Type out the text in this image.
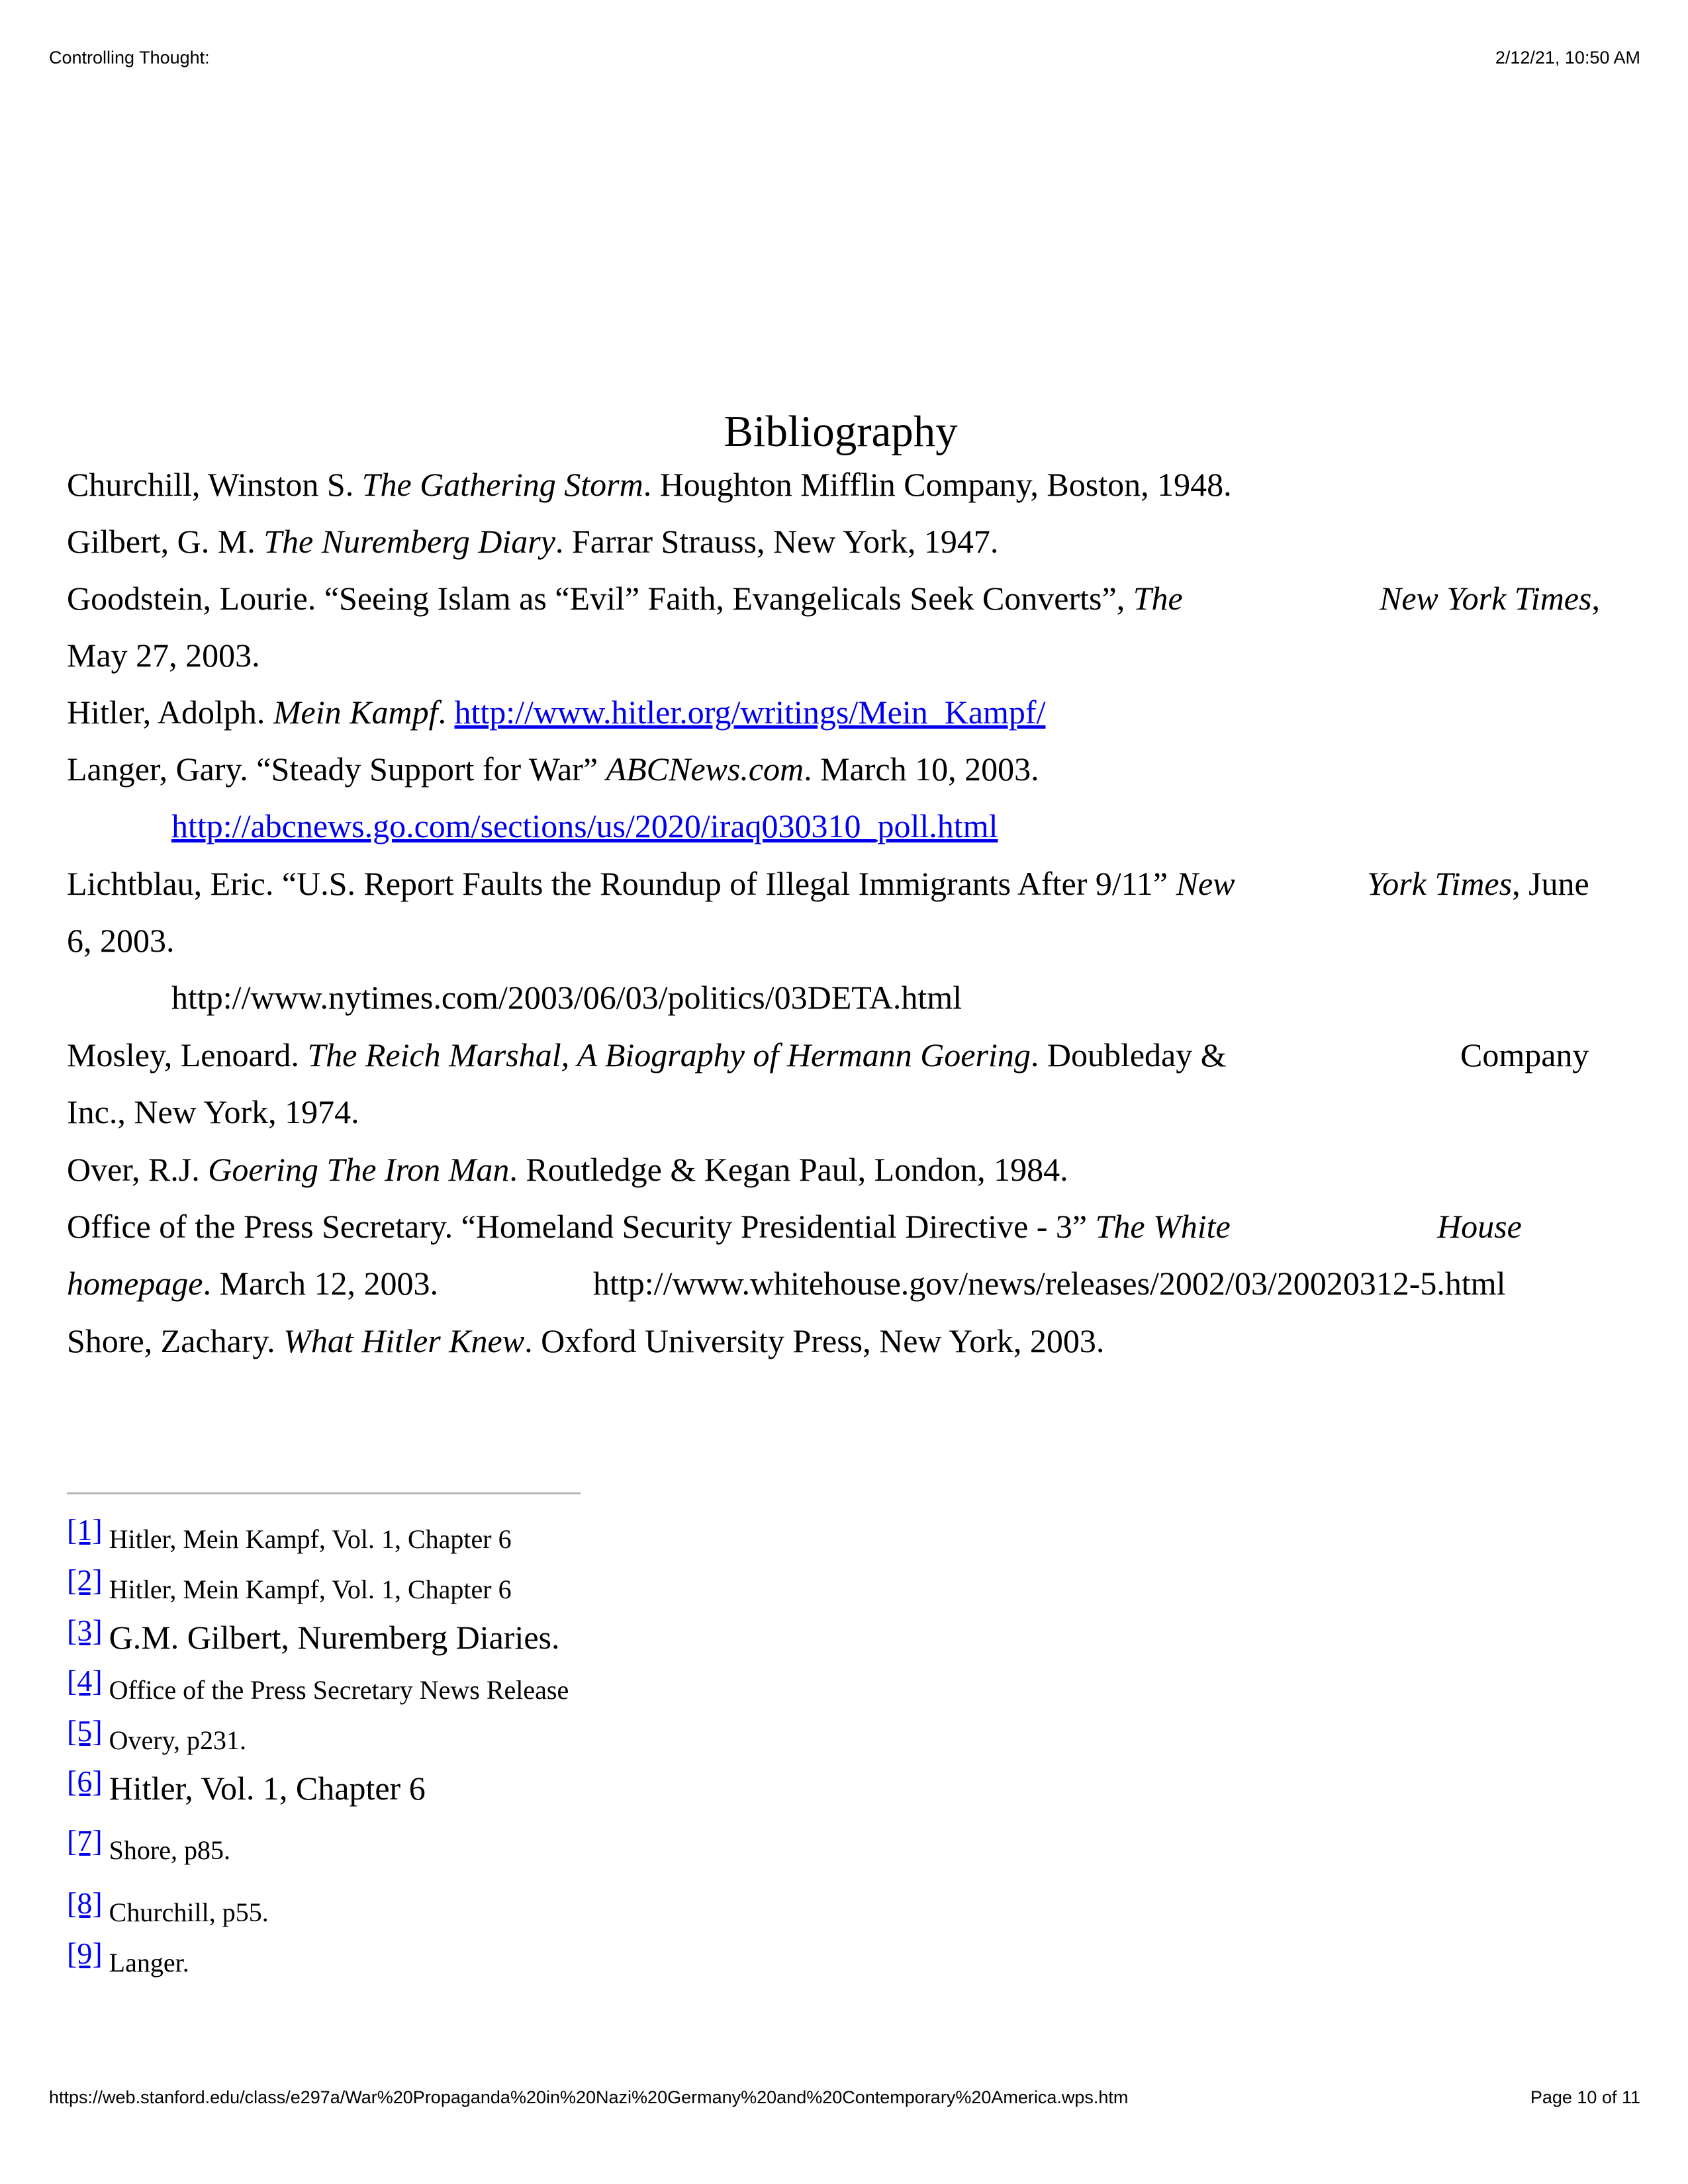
Controlling Thought:	2/12/21, 10:50 AM
Bibliography
Churchill, Winston S. The Gathering Storm. Houghton Mifflin Company, Boston, 1948.
Gilbert, G. M. The Nuremberg Diary. Farrar Strauss, New York, 1947.
Goodstein, Lourie. “Seeing Islam as “Evil” Faith, Evangelicals Seek Converts”, The	New York Times,
May 27, 2003.
Hitler, Adolph. Mein Kampf. http://www.hitler.org/writings/Mein_Kampf/
Langer, Gary. “Steady Support for War” ABCNews.com. March 10, 2003.
http://abcnews.go.com/sections/us/2020/iraq030310_poll.html
Lichtblau, Eric. “U.S. Report Faults the Roundup of Illegal Immigrants After 9/11” New	York Times, June
6, 2003.
http://www.nytimes.com/2003/06/03/politics/03DETA.html
Mosley, Lenoard. The Reich Marshal, A Biography of Hermann Goering. Doubleday &	Company
Inc., New York, 1974.
Over, R.J. Goering The Iron Man. Routledge & Kegan Paul, London, 1984.
Office of the Press Secretary. “Homeland Security Presidential Directive - 3” The White	House
homepage. March 12, 2003.	http://www.whitehouse.gov/news/releases/2002/03/20020312-5.html
Shore, Zachary. What Hitler Knew. Oxford University Press, New York, 2003.
[1] Hitler, Mein Kampf, Vol. 1, Chapter 6
[2] Hitler, Mein Kampf, Vol. 1, Chapter 6
[3] G.M. Gilbert, Nuremberg Diaries.
[4] Office of the Press Secretary News Release
[5] Overy, p231.
[6] Hitler, Vol. 1, Chapter 6
[7] Shore, p85.
[8] Churchill, p55.
[9] Langer.
https://web.stanford.edu/class/e297a/War%20Propaganda%20in%20Nazi%20Germany%20and%20Contemporary%20America.wps.htm	Page 10 of 11
